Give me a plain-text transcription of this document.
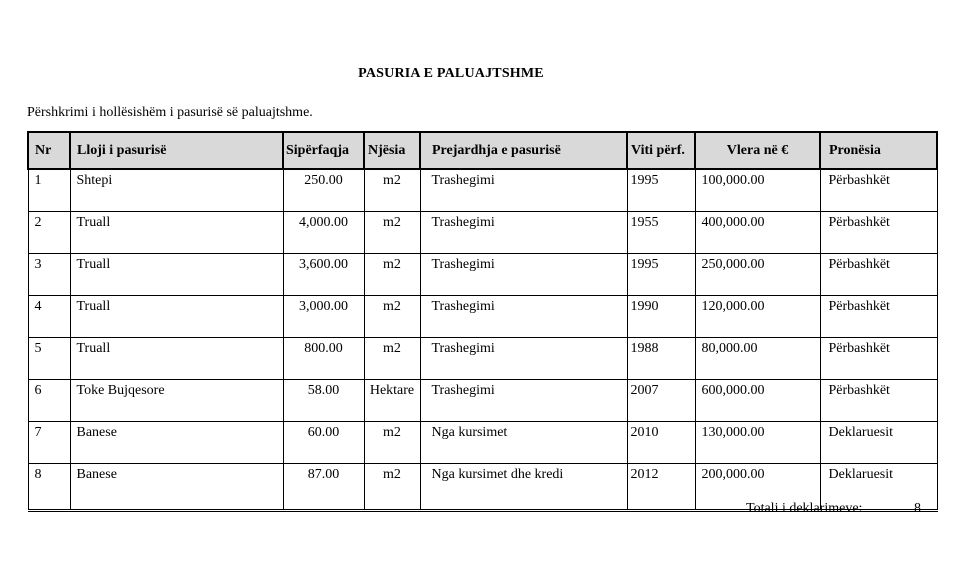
PASURIA E PALUAJTSHME
Përshkrimi i hollësishëm i pasurisë së paluajtshme.
Nr	Lloji i pasurisë	Sipërfaqja	Njësia	Prejardhja e pasurisë	Viti përf.	Vlera në €	Pronësia
1	Shtepi	250.00	m2	Trashegimi	1995	100,000.00	Përbashkët
2	Truall	4,000.00	m2	Trashegimi	1955	400,000.00	Përbashkët
3	Truall	3,600.00	m2	Trashegimi	1995	250,000.00	Përbashkët
4	Truall	3,000.00	m2	Trashegimi	1990	120,000.00	Përbashkët
5	Truall	800.00	m2	Trashegimi	1988	80,000.00	Përbashkët
6	Toke Bujqesore	58.00	Hektare	Trashegimi	2007	600,000.00	Përbashkët
7	Banese	60.00	m2	Nga kursimet	2010	130,000.00	Deklaruesit
8	Banese	87.00	m2	Nga kursimet dhe kredi	2012	200,000.00	Deklaruesit
Totali i deklarimeve:	8
